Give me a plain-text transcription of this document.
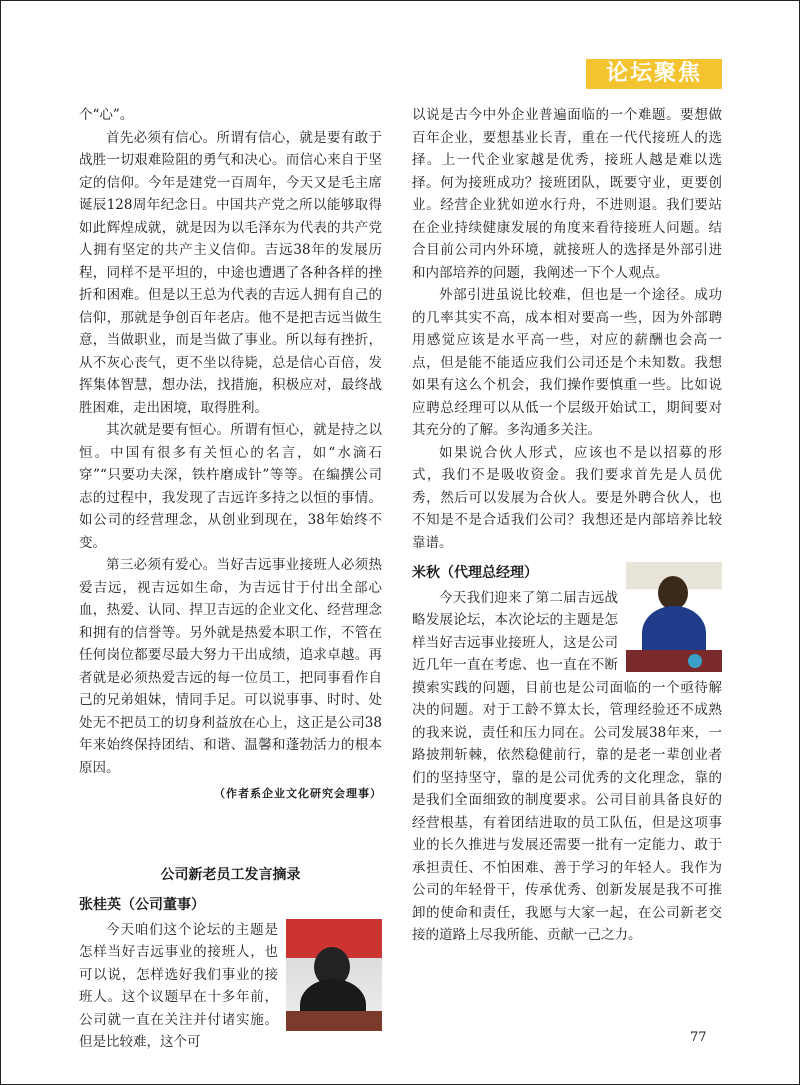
论坛聚焦

个“心”。

首先必须有信心。所谓有信心，就是要有敢于战胜一切艰难险阻的勇气和决心。而信心来自于坚定的信仰。今年是建党一百周年，今天又是毛主席诞辰128周年纪念日。中国共产党之所以能够取得如此辉煌成就，就是因为以毛泽东为代表的共产党人拥有坚定的共产主义信仰。吉远38年的发展历程，同样不是平坦的，中途也遭遇了各种各样的挫折和困难。但是以王总为代表的吉远人拥有自己的信仰，那就是争创百年老店。他不是把吉远当做生意，当做职业，而是当做了事业。所以每有挫折，从不灰心丧气，更不坐以待毙，总是信心百倍，发挥集体智慧，想办法，找措施，积极应对，最终战胜困难，走出困境，取得胜利。

其次就是要有恒心。所谓有恒心，就是持之以恒。中国有很多有关恒心的名言，如“水滴石穿”“只要功夫深，铁杵磨成针”等等。在编撰公司志的过程中，我发现了吉远许多持之以恒的事情。如公司的经营理念，从创业到现在，38年始终不变。

第三必须有爱心。当好吉远事业接班人必须热爱吉远，视吉远如生命，为吉远甘于付出全部心血，热爱、认同、捍卫吉远的企业文化、经营理念和拥有的信誉等。另外就是热爱本职工作，不管在任何岗位都要尽最大努力干出成绩，追求卓越。再者就是必须热爱吉远的每一位员工，把同事看作自己的兄弟姐妹，情同手足。可以说事事、时时、处处无不把员工的切身利益放在心上，这正是公司38年来始终保持团结、和谐、温馨和蓬勃活力的根本原因。

（作者系企业文化研究会理事）
公司新老员工发言摘录
张桂英（公司董事）

今天咱们这个论坛的主题是怎样当好吉远事业的接班人，也可以说，怎样选好我们事业的接班人。这个议题早在十多年前，公司就一直在关注并付诸实施。但是比较难，这个可

以说是古今中外企业普遍面临的一个难题。要想做百年企业，要想基业长青，重在一代代接班人的选择。上一代企业家越是优秀，接班人越是难以选择。何为接班成功？接班团队，既要守业，更要创业。经营企业犹如逆水行舟，不进则退。我们要站在企业持续健康发展的角度来看待接班人问题。结合目前公司内外环境，就接班人的选择是外部引进和内部培养的问题，我阐述一下个人观点。

外部引进虽说比较难，但也是一个途径。成功的几率其实不高，成本相对要高一些，因为外部聘用感觉应该是水平高一些，对应的薪酬也会高一点，但是能不能适应我们公司还是个未知数。我想如果有这么个机会，我们操作要慎重一些。比如说应聘总经理可以从低一个层级开始试工，期间要对其充分的了解。多沟通多关注。

如果说合伙人形式，应该也不是以招募的形式，我们不是吸收资金。我们要求首先是人员优秀，然后可以发展为合伙人。要是外聘合伙人，也不知是不是合适我们公司？我想还是内部培养比较靠谱。

米秋（代理总经理）

今天我们迎来了第二届吉远战略发展论坛，本次论坛的主题是怎样当好吉远事业接班人，这是公司近几年一直在考虑、也一直在不断摸索实践的问题，目前也是公司面临的一个亟待解决的问题。对于工龄不算太长，管理经验还不成熟的我来说，责任和压力同在。公司发展38年来，一路披荆斩棘，依然稳健前行，靠的是老一辈创业者们的坚持坚守，靠的是公司优秀的文化理念，靠的是我们全面细致的制度要求。公司目前具备良好的经营根基，有着团结进取的员工队伍，但是这项事业的长久推进与发展还需要一批有一定能力、敢于承担责任、不怕困难、善于学习的年轻人。我作为公司的年轻骨干，传承优秀、创新发展是我不可推卸的使命和责任，我愿与大家一起，在公司新老交接的道路上尽我所能、贡献一己之力。

77
